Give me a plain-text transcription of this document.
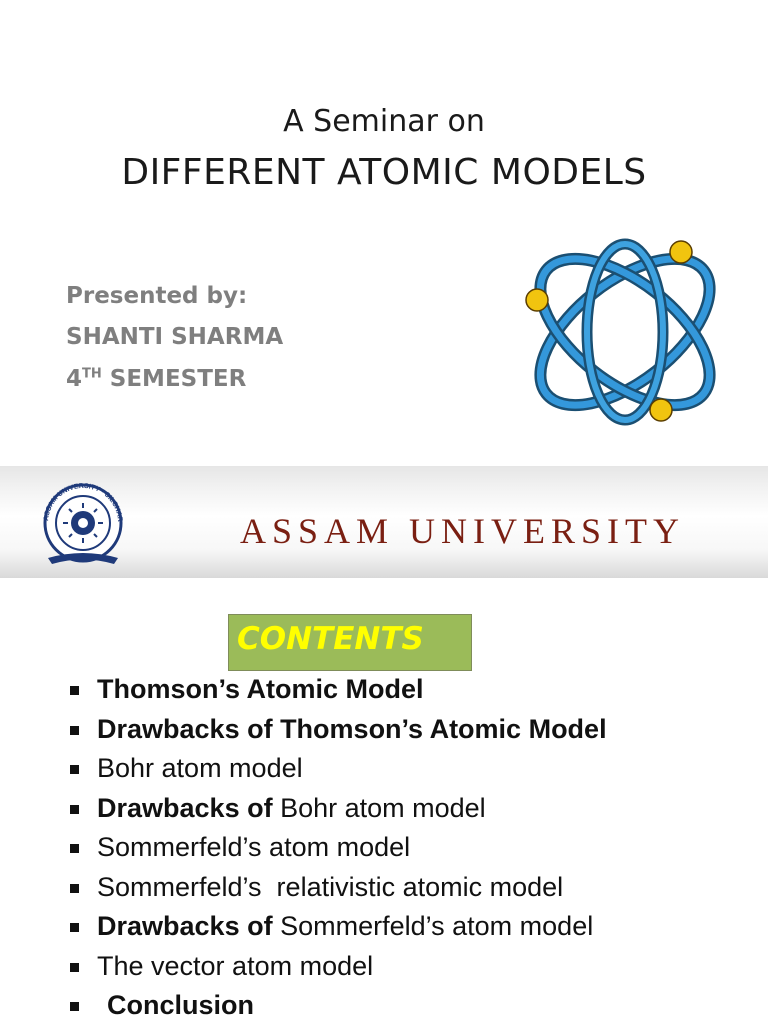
A Seminar on
DIFFERENT ATOMIC MODELS
Presented by:
SHANTI SHARMA
4TH SEMESTER
ASSAM UNIVERSITY • SILCHAR	ASSAM UNIVERSITY
CONTENTS
Thomson’s Atomic Model
Drawbacks of Thomson’s Atomic Model
Bohr atom model
Drawbacks of Bohr atom model
Sommerfeld’s atom model
Sommerfeld’s  relativistic atomic model
Drawbacks of Sommerfeld’s atom model
The vector atom model
Conclusion
